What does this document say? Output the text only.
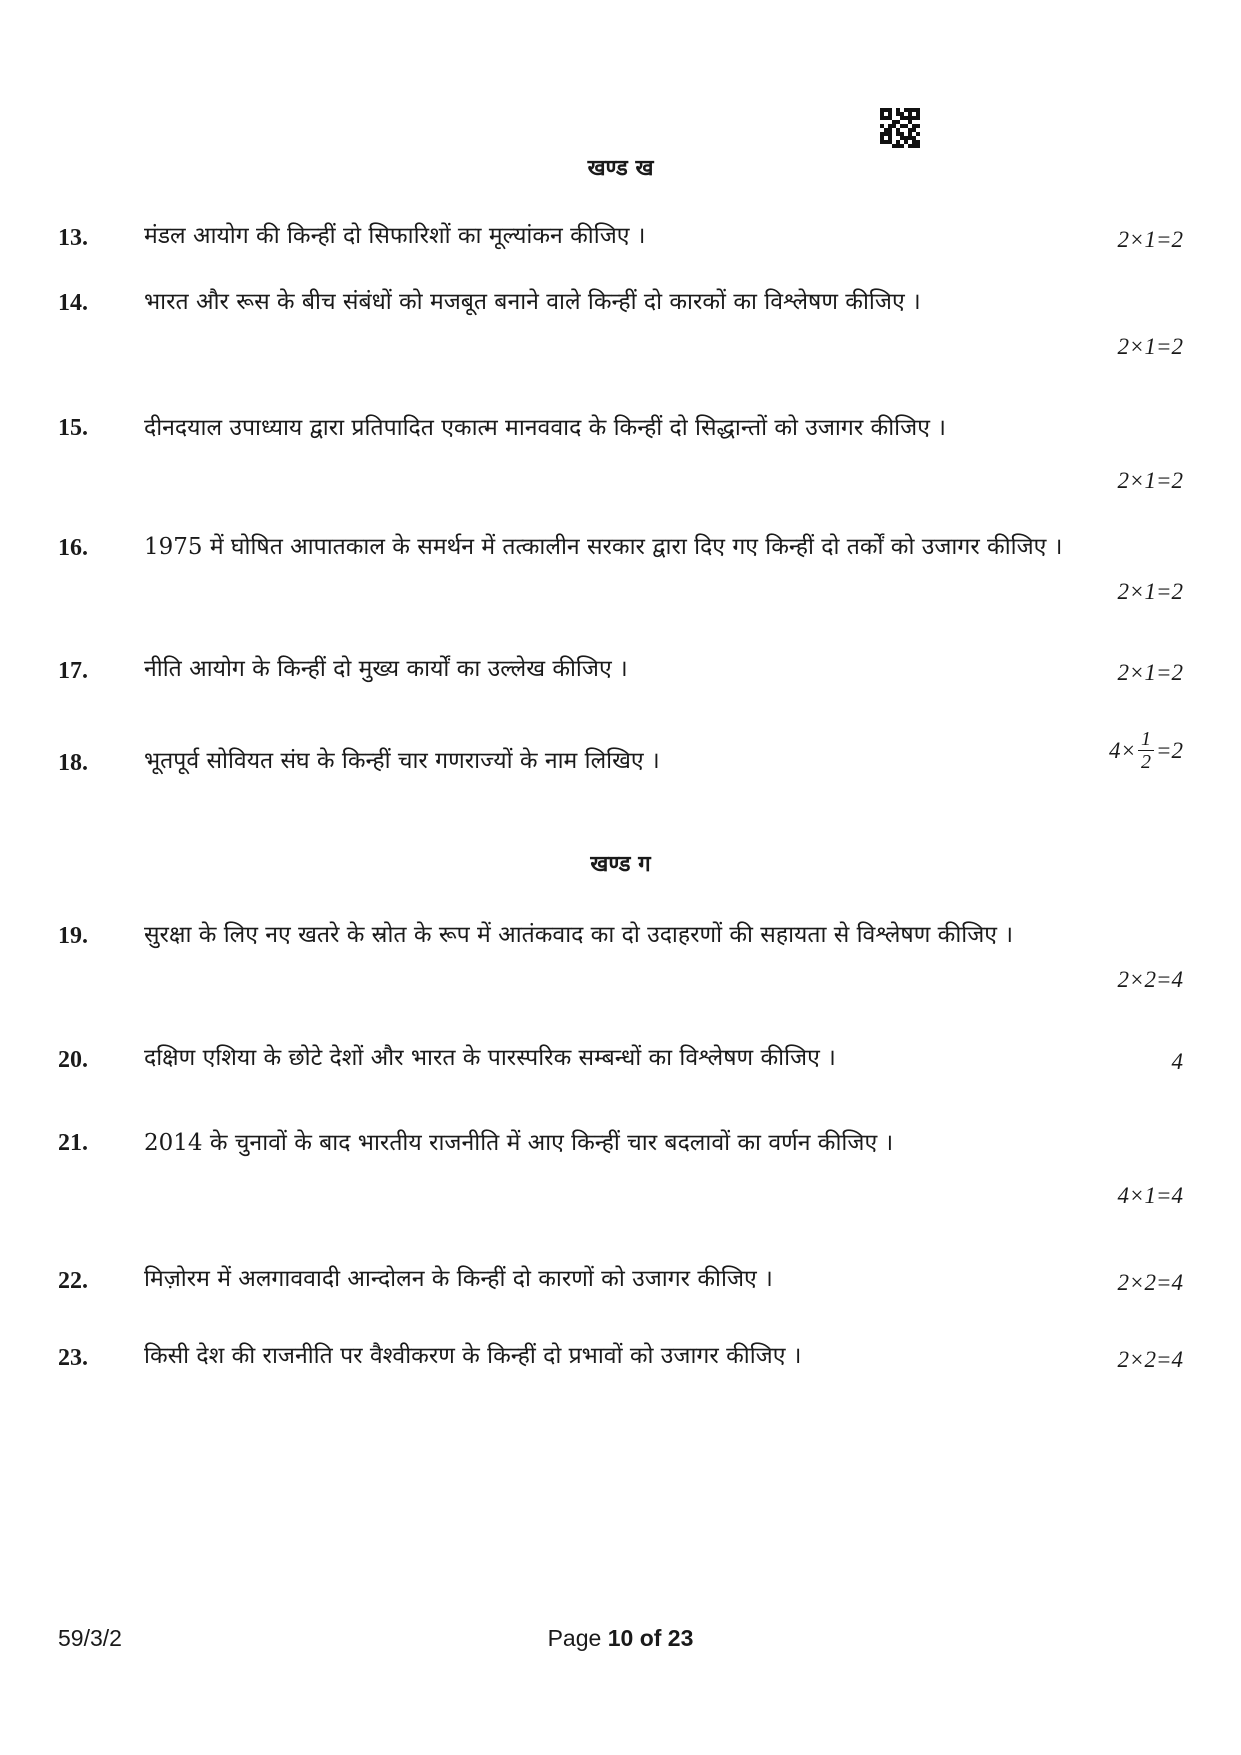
खण्ड ख
13. मंडल आयोग की किन्हीं दो सिफारिशों का मूल्यांकन कीजिए ।	2×1=2
14. भारत और रूस के बीच संबंधों को मजबूत बनाने वाले किन्हीं दो कारकों का विश्लेषण कीजिए ।
2×1=2
15. दीनदयाल उपाध्याय द्वारा प्रतिपादित एकात्म मानववाद के किन्हीं दो सिद्धान्तों को उजागर कीजिए ।
2×1=2
16. 1975 में घोषित आपातकाल के समर्थन में तत्कालीन सरकार द्वारा दिए गए किन्हीं दो तर्कों को उजागर कीजिए ।
2×1=2
17. नीति आयोग के किन्हीं दो मुख्य कार्यों का उल्लेख कीजिए ।	2×1=2
18. भूतपूर्व सोवियत संघ के किन्हीं चार गणराज्यों के नाम लिखिए ।	$4\times \frac{1}{2} =2$
खण्ड ग
19. सुरक्षा के लिए नए खतरे के स्रोत के रूप में आतंकवाद का दो उदाहरणों की सहायता से विश्लेषण कीजिए ।
2×2=4
20. दक्षिण एशिया के छोटे देशों और भारत के पारस्परिक सम्बन्धों का विश्लेषण कीजिए ।	4
21. 2014 के चुनावों के बाद भारतीय राजनीति में आए किन्हीं चार बदलावों का वर्णन कीजिए ।
4×1=4
22. मिज़ोरम में अलगाववादी आन्दोलन के किन्हीं दो कारणों को उजागर कीजिए ।	2×2=4
23. किसी देश की राजनीति पर वैश्वीकरण के किन्हीं दो प्रभावों को उजागर कीजिए ।	2×2=4
59/3/2	Page 10 of 23
